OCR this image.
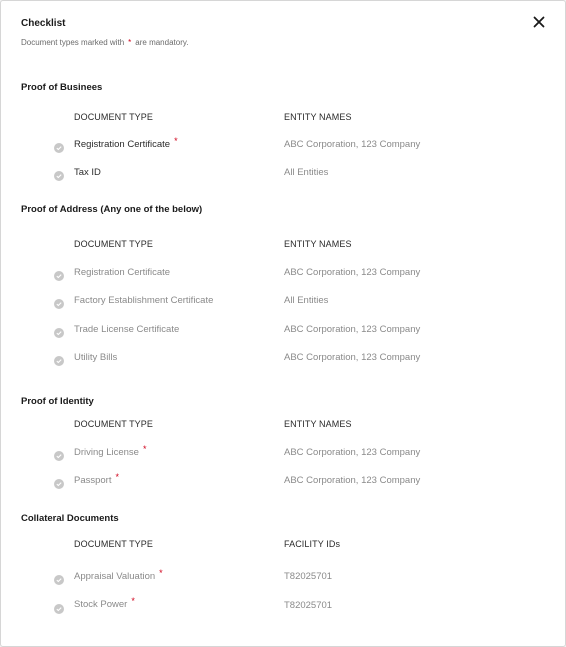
Checklist
Document types marked with * are mandatory.
Proof of Businees
DOCUMENT TYPE	ENTITY NAMES
Registration Certificate *	ABC Corporation, 123 Company
Tax ID	All Entities
Proof of Address (Any one of the below)
DOCUMENT TYPE	ENTITY NAMES
Registration Certificate	ABC Corporation, 123 Company
Factory Establishment Certificate	All Entities
Trade License Certificate	ABC Corporation, 123 Company
Utility Bills	ABC Corporation, 123 Company
Proof of Identity
DOCUMENT TYPE	ENTITY NAMES
Driving License *	ABC Corporation, 123 Company
Passport *	ABC Corporation, 123 Company
Collateral Documents
DOCUMENT TYPE	FACILITY IDs
Appraisal Valuation *	T82025701
Stock Power *	T82025701
